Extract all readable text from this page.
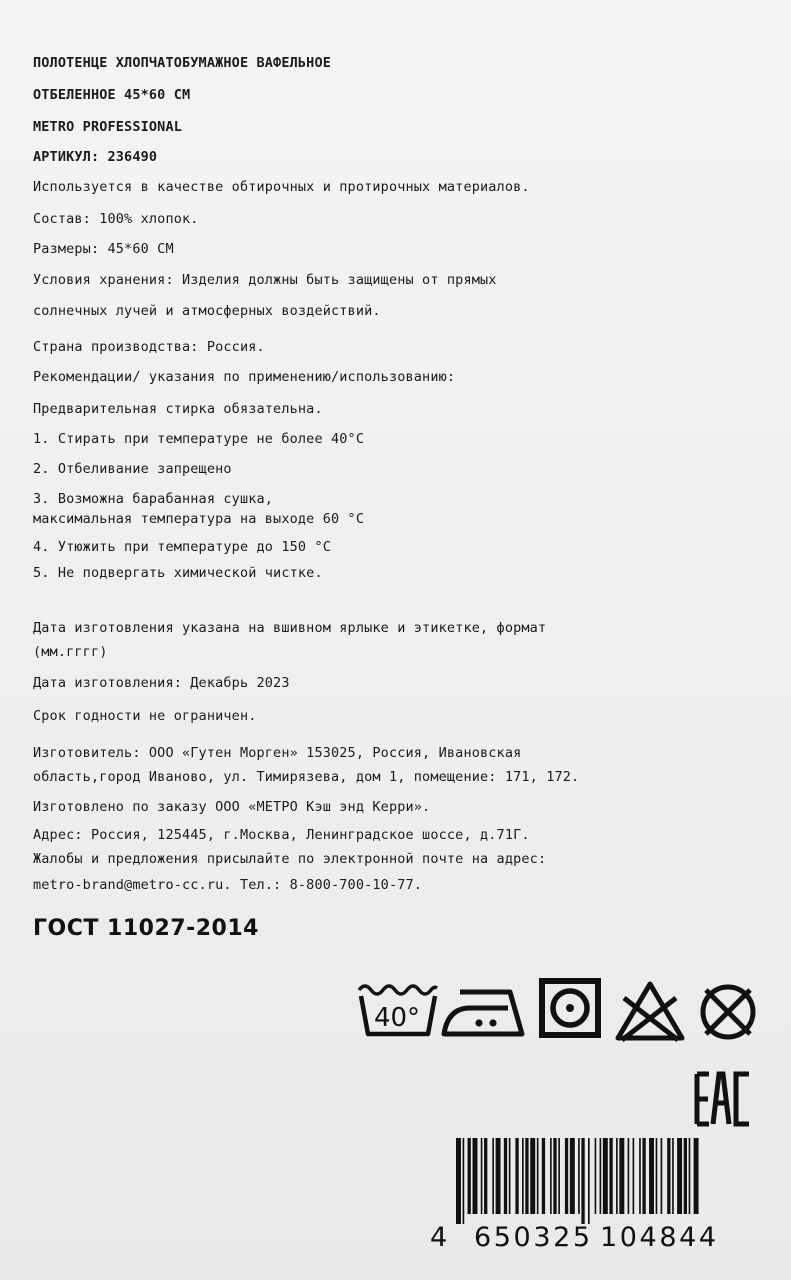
ПОЛОТЕНЦЕ ХЛОПЧАТОБУМАЖНОЕ ВАФЕЛЬНОЕ
ОТБЕЛЕННОЕ 45*60 СМ
METRO PROFESSIONAL
АРТИКУЛ: 236490
Используется в качестве обтирочных и протирочных материалов.
Состав: 100% хлопок.
Размеры: 45*60 СМ
Условия хранения: Изделия должны быть защищены от прямых
солнечных лучей и атмосферных воздействий.
Страна производства: Россия.
Рекомендации/ указания по применению/использованию:
Предварительная стирка обязательна.
1. Стирать при температуре не более 40°С
2. Отбеливание запрещено
3. Возможна барабанная сушка,
максимальная температура на выходе 60 °С
4. Утюжить при температуре до 150 °С
5. Не подвергать химической чистке.
Дата изготовления указана на вшивном ярлыке и этикетке, формат
(мм.гггг)
Дата изготовления: Декабрь 2023
Срок годности не ограничен.
Изготовитель: ООО «Гутен Морген» 153025, Россия, Ивановская
область,город Иваново, ул. Тимирязева, дом 1, помещение: 171, 172.
Изготовлено по заказу ООО «МЕТРО Кэш энд Керри».
Адрес: Россия, 125445, г.Москва, Ленинградское шоссе, д.71Г.
Жалобы и предложения присылайте по электронной почте на адрес:
metro-brand@metro-cc.ru. Тел.: 8-800-700-10-77.
ГОСТ 11027-2014
40°
4 650325 104844
